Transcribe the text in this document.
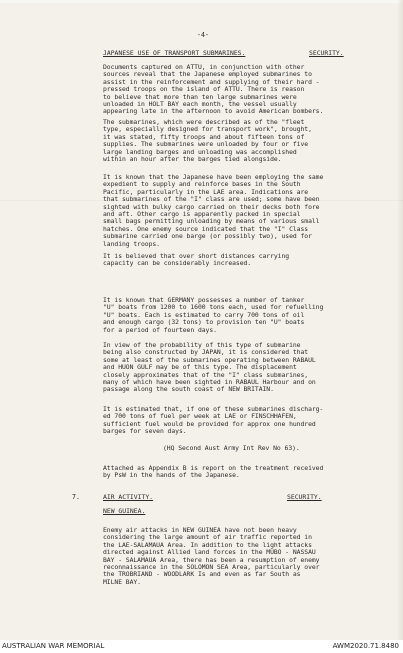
-4-
JAPANESE USE OF TRANSPORT SUBMARINES.	SECURITY.
Documents captured on ATTU, in conjunction with other
sources reveal that the Japanese employed submarines to
assist in the reinforcement and supplying of their hard -
pressed troops on the island of ATTU. There is reason
to believe that more than ten large submarines were
unloaded in HOLT BAY each month, the vessel usually
appearing late in the afternoon to avoid American bombers.
The submarines, which were described as of the "fleet
type, especially designed for transport work", brought,
it was stated, fifty troops and about fifteen tons of
supplies. The submarines were unloaded by four or five
large landing barges and unloading was accomplished
within an hour after the barges tied alongside.
It is known that the Japanese have been employing the same
expedient to supply and reinforce bases in the South
Pacific, particularly in the LAE area. Indications are
that submarines of the "I" class are used; some have been
sighted with bulky cargo carried on their decks both fore
and aft. Other cargo is apparently packed in special
small bags permitting unloading by means of various small
hatches. One enemy source indicated that the "I" Class
submarine carried one barge (or possibly two), used for
landing troops.
It is believed that over short distances carrying
capacity can be considerably increased.
It is known that GERMANY possesses a number of tanker
"U" boats from 1200 to 1600 tons each, used for refuelling
"U" boats. Each is estimated to carry 700 tons of oil
and enough cargo (32 tons) to provision ten "U" boats
for a period of fourteen days.
In view of the probability of this type of submarine
being also constructed by JAPAN, it is considered that
some at least of the submarines operating between RABAUL
and HUON GULF may be of this type. The displacement
closely approximates that of the "I" class submarines,
many of which have been sighted in RABAUL Harbour and on
passage along the south coast of NEW BRITAIN.
It is estimated that, if one of these submarines discharg-
ed 700 tons of fuel per week at LAE or FINSCHHAFEN,
sufficient fuel would be provided for approx one hundred
barges for seven days.
(HQ Second Aust Army Int Rev No 63).
Attached as Appendix B is report on the treatment received
by PsW in the hands of the Japanese.
7.	AIR ACTIVITY.	SECURITY.
NEW GUINEA.
Enemy air attacks in NEW GUINEA have not been heavy
considering the large amount of air traffic reported in
the LAE-SALAMAUA Area. In addition to the light attacks
directed against Allied land forces in the MUBO - NASSAU
BAY - SALAMAUA Area, there has been a resumption of enemy
reconnaissance in the SOLOMON SEA Area, particularly over
the TROBRIAND - WOODLARK Is and even as far South as
MILNE BAY.
AUSTRALIAN WAR MEMORIAL	AWM2020.71.8480
